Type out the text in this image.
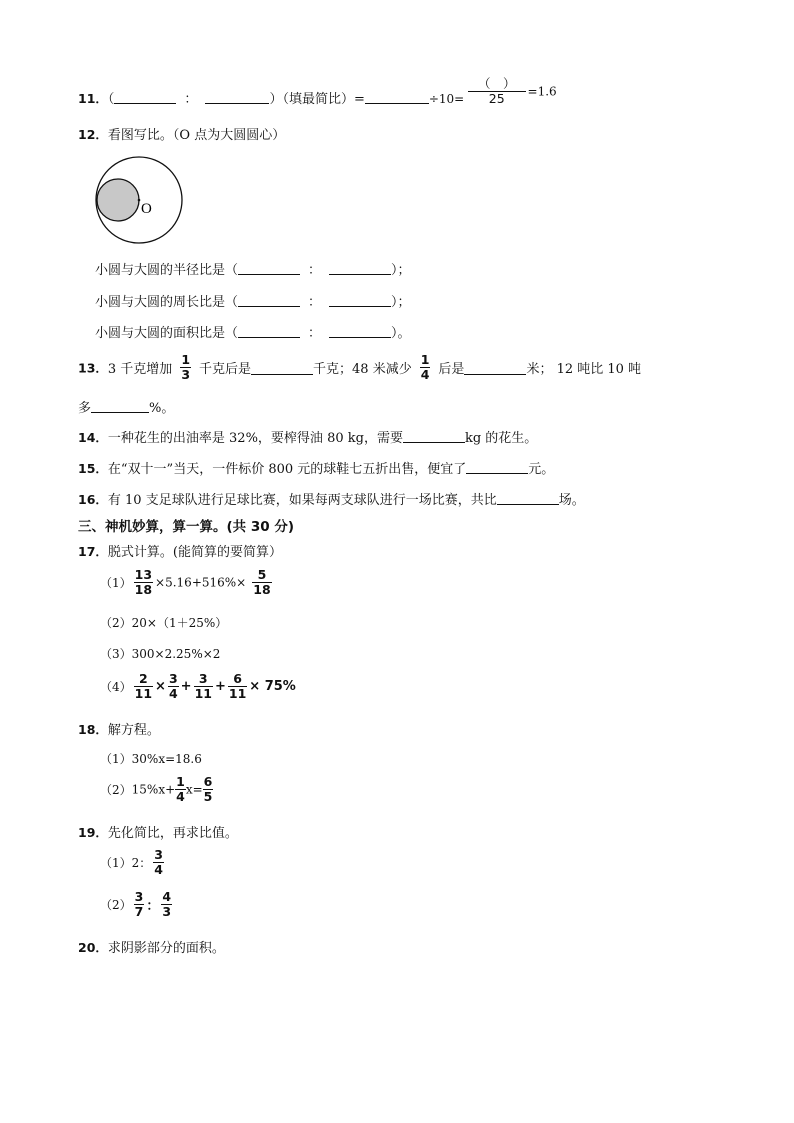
11．（	：	）（填最简比）=	$\div 10= \frac{( )}{25} =1.6$
12．看图写比。（O 点为大圆圆心）
O
小圆与大圆的半径比是（	：	）；
小圆与大圆的周长比是（	：	）；
小圆与大圆的面积比是（	：	）。
13．3 千克增加 $\frac{1}{3}$ 千克后是	千克；48 米减少 $\frac{1}{4}$ 后是	米； 12 吨比 10 吨
多	%。
14．一种花生的出油率是 32%，要榨得油 80 kg，需要	kg 的花生。
15．在“双十一”当天，一件标价 800 元的球鞋七五折出售，便宜了	元。
16．有 10 支足球队进行足球比赛，如果每两支球队进行一场比赛，共比	场。
三、神机妙算，算一算。(共 30 分)
17．脱式计算。(能简算的要简算）
$(1) \frac{13}{18} \times 5.16+516\%\times \frac{5}{18}$
（2）20×（1＋25%）
（3）300×2.25%×2
$(4) \frac{2}{11} \times \frac{3}{4} + \frac{3}{11} + \frac{6}{11} \times 75\%$
18．解方程。
（1）30%x=18.6
$(2)15\%x+ \frac{1}{4} x= \frac{6}{5}$
19．先化简比，再求比值。
（1）2： $\frac{3}{4}$
$(2) \frac{3}{7}$ ： $\frac{4}{3}$
20．求阴影部分的面积。
